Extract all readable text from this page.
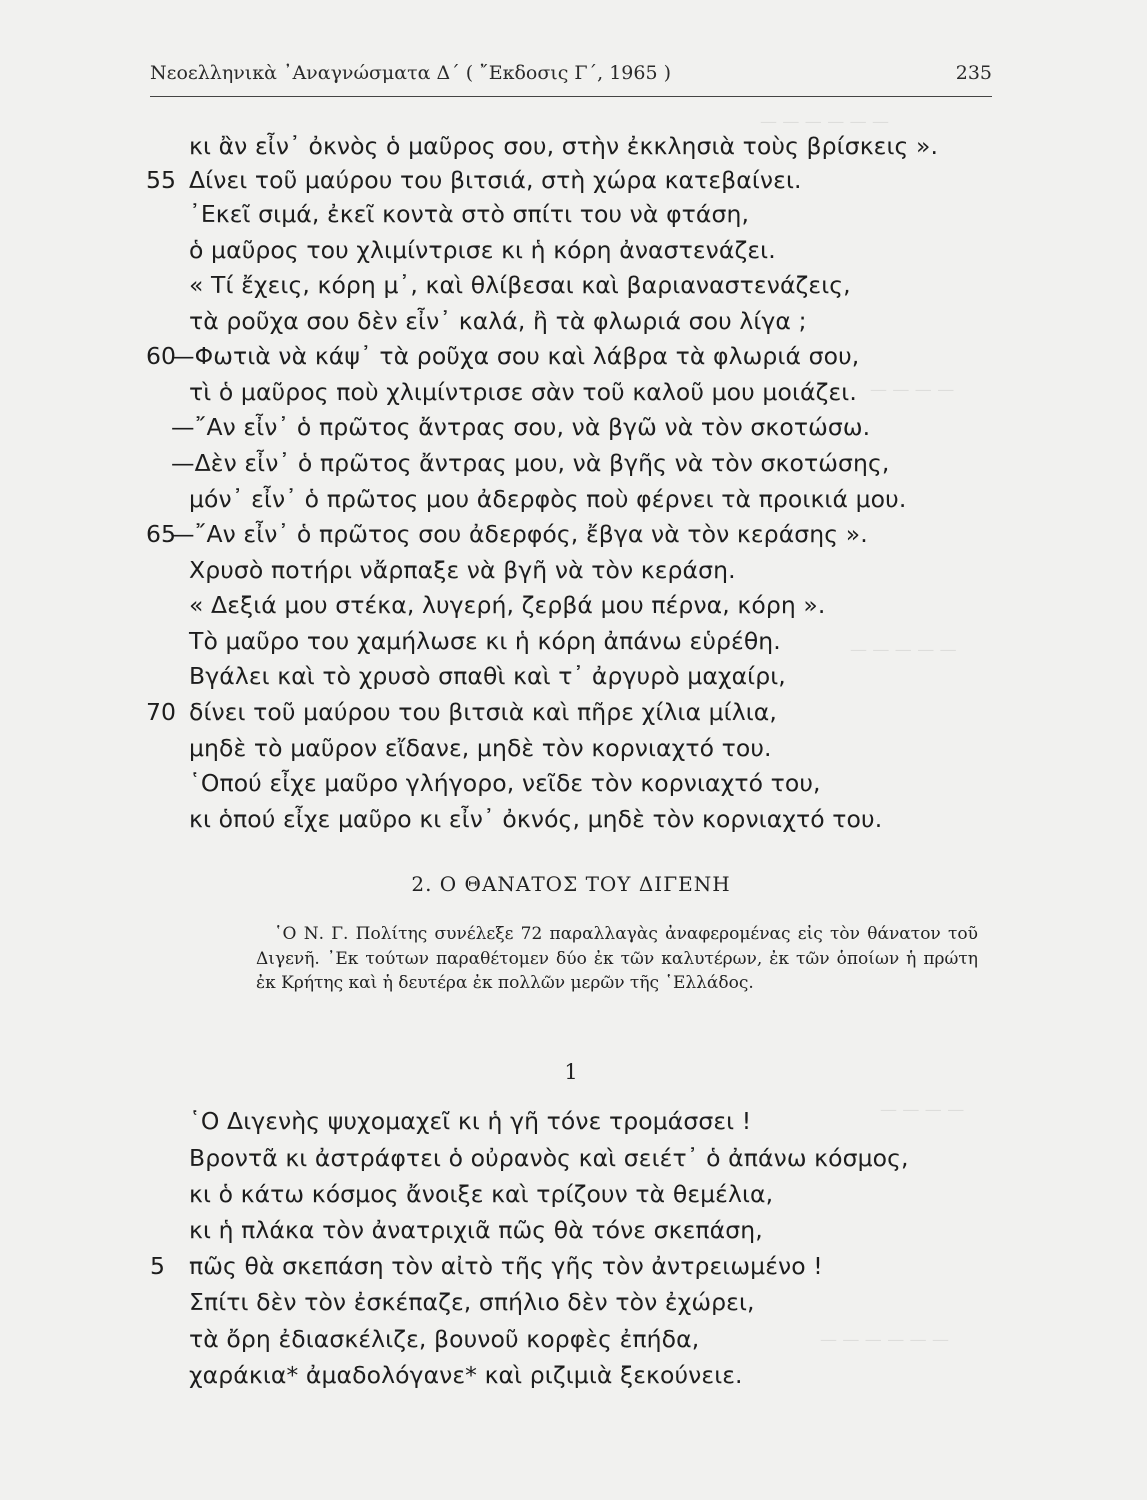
— — — — — —
— — — —
— — — — —
— — — —
— — — — — —
Νεοελληνικὰ ᾿Αναγνώσματα Δ΄ ( ῎Εκδοσις Γ΄, 1965 )	235
κι ἂν εἶν᾿ ὀκνὸς ὁ μαῦρος σου, στὴν ἐκκλησιὰ τοὺς βρίσκεις ».
55 Δίνει τοῦ μαύρου του βιτσιά, στὴ χώρα κατεβαίνει.
᾿Εκεῖ σιμά, ἐκεῖ κοντὰ στὸ σπίτι του νὰ φτάση,
ὁ μαῦρος του χλιμίντρισε κι ἡ κόρη ἀναστενάζει.
« Τί ἔχεις, κόρη μ᾿, καὶ θλίβεσαι καὶ βαριαναστενάζεις,
τὰ ροῦχα σου δὲν εἶν᾿ καλά, ἢ τὰ φλωριά σου λίγα ;
60
—Φωτιὰ νὰ κάψ᾿ τὰ ροῦχα σου καὶ λάβρα τὰ φλωριά σου,
τὶ ὁ μαῦρος ποὺ χλιμίντρισε σὰν τοῦ καλοῦ μου μοιάζει.
—῎Αν εἶν᾿ ὁ πρῶτος ἄντρας σου, νὰ βγῶ νὰ τὸν σκοτώσω.
—Δὲν εἶν᾿ ὁ πρῶτος ἄντρας μου, νὰ βγῆς νὰ τὸν σκοτώσης,
μόν᾿ εἶν᾿ ὁ πρῶτος μου ἀδερφὸς ποὺ φέρνει τὰ προικιά μου.
65
—῎Αν εἶν᾿ ὁ πρῶτος σου ἀδερφός, ἔβγα νὰ τὸν κεράσης ».
Χρυσὸ ποτήρι νἄρπαξε νὰ βγῆ νὰ τὸν κεράση.
« Δεξιά μου στέκα, λυγερή, ζερβά μου πέρνα, κόρη ».
Τὸ μαῦρο του χαμήλωσε κι ἡ κόρη ἀπάνω εὑρέθη.
Βγάλει καὶ τὸ χρυσὸ σπαθὶ καὶ τ᾿ ἀργυρὸ μαχαίρι,
70 δίνει τοῦ μαύρου του βιτσιὰ καὶ πῆρε χίλια μίλια,
μηδὲ τὸ μαῦρον εἴδανε, μηδὲ τὸν κορνιαχτό του.
῾Οπού εἶχε μαῦρο γλήγορο, νεῖδε τὸν κορνιαχτό του,
κι ὁπού εἶχε μαῦρο κι εἶν᾿ ὀκνός, μηδὲ τὸν κορνιαχτό του.
2. Ο ΘΑΝΑΤΟΣ ΤΟΥ ΔΙΓΕΝΗ
῾Ο Ν. Γ. Πολίτης συνέλεξε 72 παραλλαγὰς ἀναφερομένας εἰς τὸν θάνατον τοῦ Διγενῆ. ᾿Εκ τούτων παραθέτομεν δύο ἐκ τῶν καλυτέρων, ἐκ τῶν ὁποίων ἡ πρώτη ἐκ Κρήτης καὶ ἡ δευτέρα ἐκ πολλῶν μερῶν τῆς ῾Ελλάδος.
1
῾Ο Διγενὴς ψυχομαχεῖ κι ἡ γῆ τόνε τρομάσσει !
Βροντᾶ κι ἀστράφτει ὁ οὐρανὸς καὶ σειέτ᾿ ὁ ἀπάνω κόσμος,
κι ὁ κάτω κόσμος ἄνοιξε καὶ τρίζουν τὰ θεμέλια,
κι ἡ πλάκα τὸν ἀνατριχιᾶ πῶς θὰ τόνε σκεπάση,
5 πῶς θὰ σκεπάση τὸν αἰτὸ τῆς γῆς τὸν ἀντρειωμένο !
Σπίτι δὲν τὸν ἐσκέπαζε, σπήλιο δὲν τὸν ἐχώρει,
τὰ ὄρη ἐδιασκέλιζε, βουνοῦ κορφὲς ἐπήδα,
χαράκια* ἀμαδολόγανε* καὶ ριζιμιὰ ξεκούνειε.
